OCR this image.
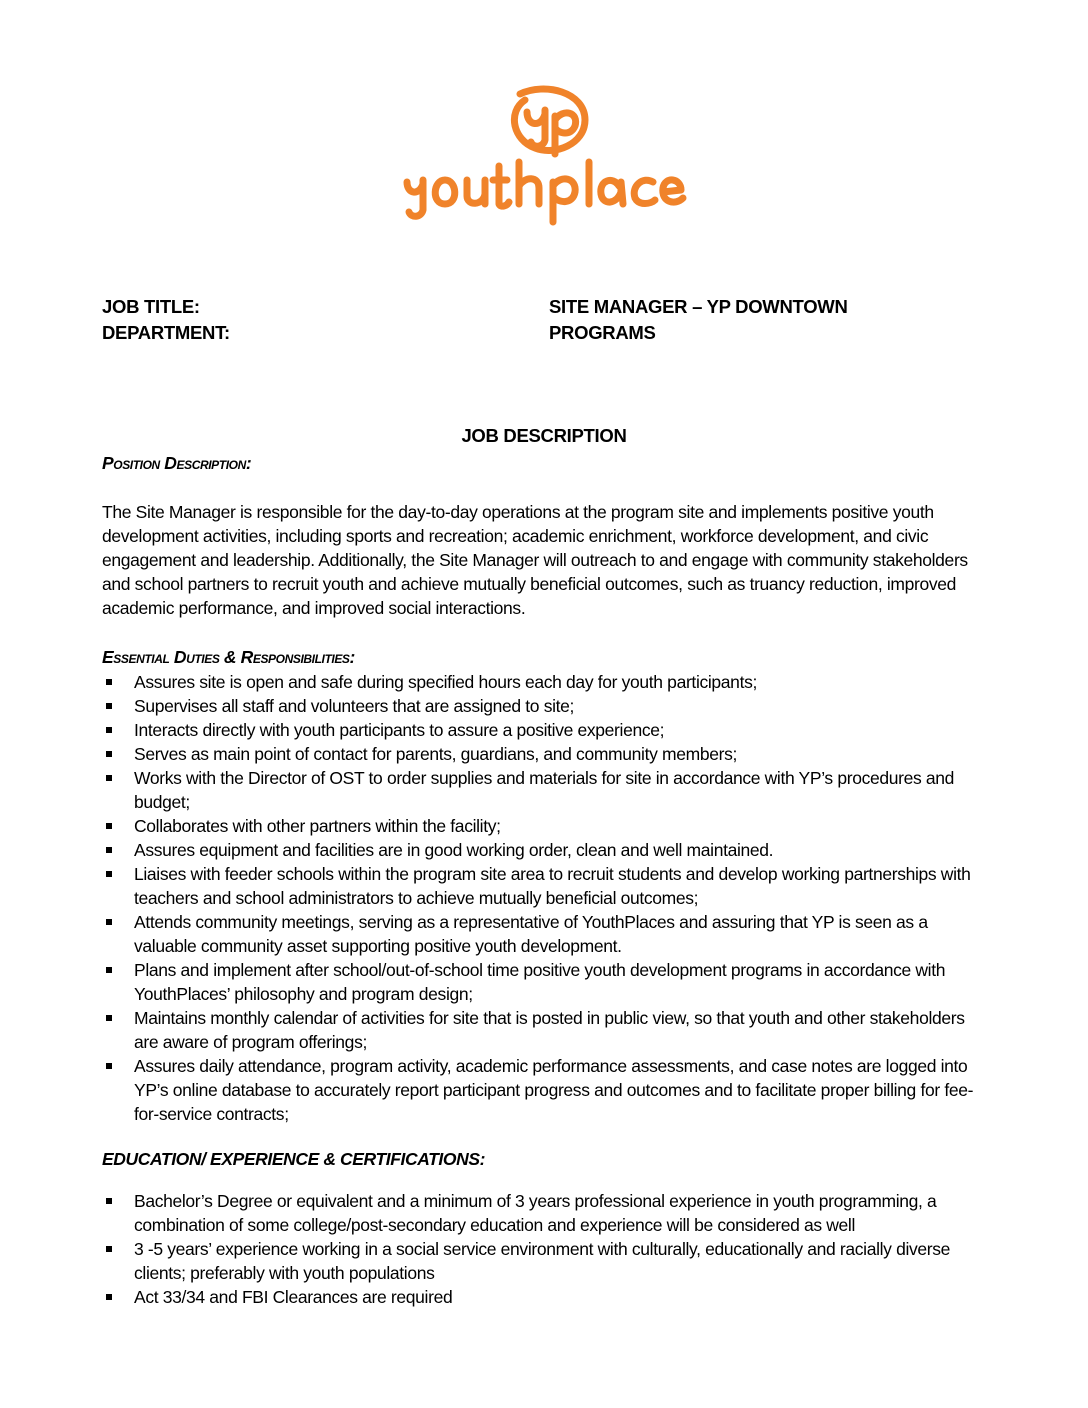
JOB TITLE:	SITE MANAGER – YP DOWNTOWN
DEPARTMENT:	PROGRAMS
JOB DESCRIPTION
Position Description:
The Site Manager is responsible for the day-to-day operations at the program site and implements positive youth development activities, including sports and recreation; academic enrichment, workforce development, and civic engagement and leadership. Additionally, the Site Manager will outreach to and engage with community stakeholders and school partners to recruit youth and achieve mutually beneficial outcomes, such as truancy reduction, improved academic performance, and improved social interactions.
Essential Duties & Responsibilities:
Assures site is open and safe during specified hours each day for youth participants;
Supervises all staff and volunteers that are assigned to site;
Interacts directly with youth participants to assure a positive experience;
Serves as main point of contact for parents, guardians, and community members;
Works with the Director of OST to order supplies and materials for site in accordance with YP’s procedures and budget;
Collaborates with other partners within the facility;
Assures equipment and facilities are in good working order, clean and well maintained.
Liaises with feeder schools within the program site area to recruit students and develop working partnerships with teachers and school administrators to achieve mutually beneficial outcomes;
Attends community meetings, serving as a representative of YouthPlaces and assuring that YP is seen as a valuable community asset supporting positive youth development.
Plans and implement after school/out-of-school time positive youth development programs in accordance with YouthPlaces’ philosophy and program design;
Maintains monthly calendar of activities for site that is posted in public view, so that youth and other stakeholders are aware of program offerings;
Assures daily attendance, program activity, academic performance assessments, and case notes are logged into YP’s online database to accurately report participant progress and outcomes and to facilitate proper billing for fee-for-service contracts;
EDUCATION/ EXPERIENCE & CERTIFICATIONS:
Bachelor’s Degree or equivalent and a minimum of 3 years professional experience in youth programming, a combination of some college/post-secondary education and experience will be considered as well
3 -5 years’ experience working in a social service environment with culturally, educationally and racially diverse clients; preferably with youth populations
Act 33/34 and FBI Clearances are required
